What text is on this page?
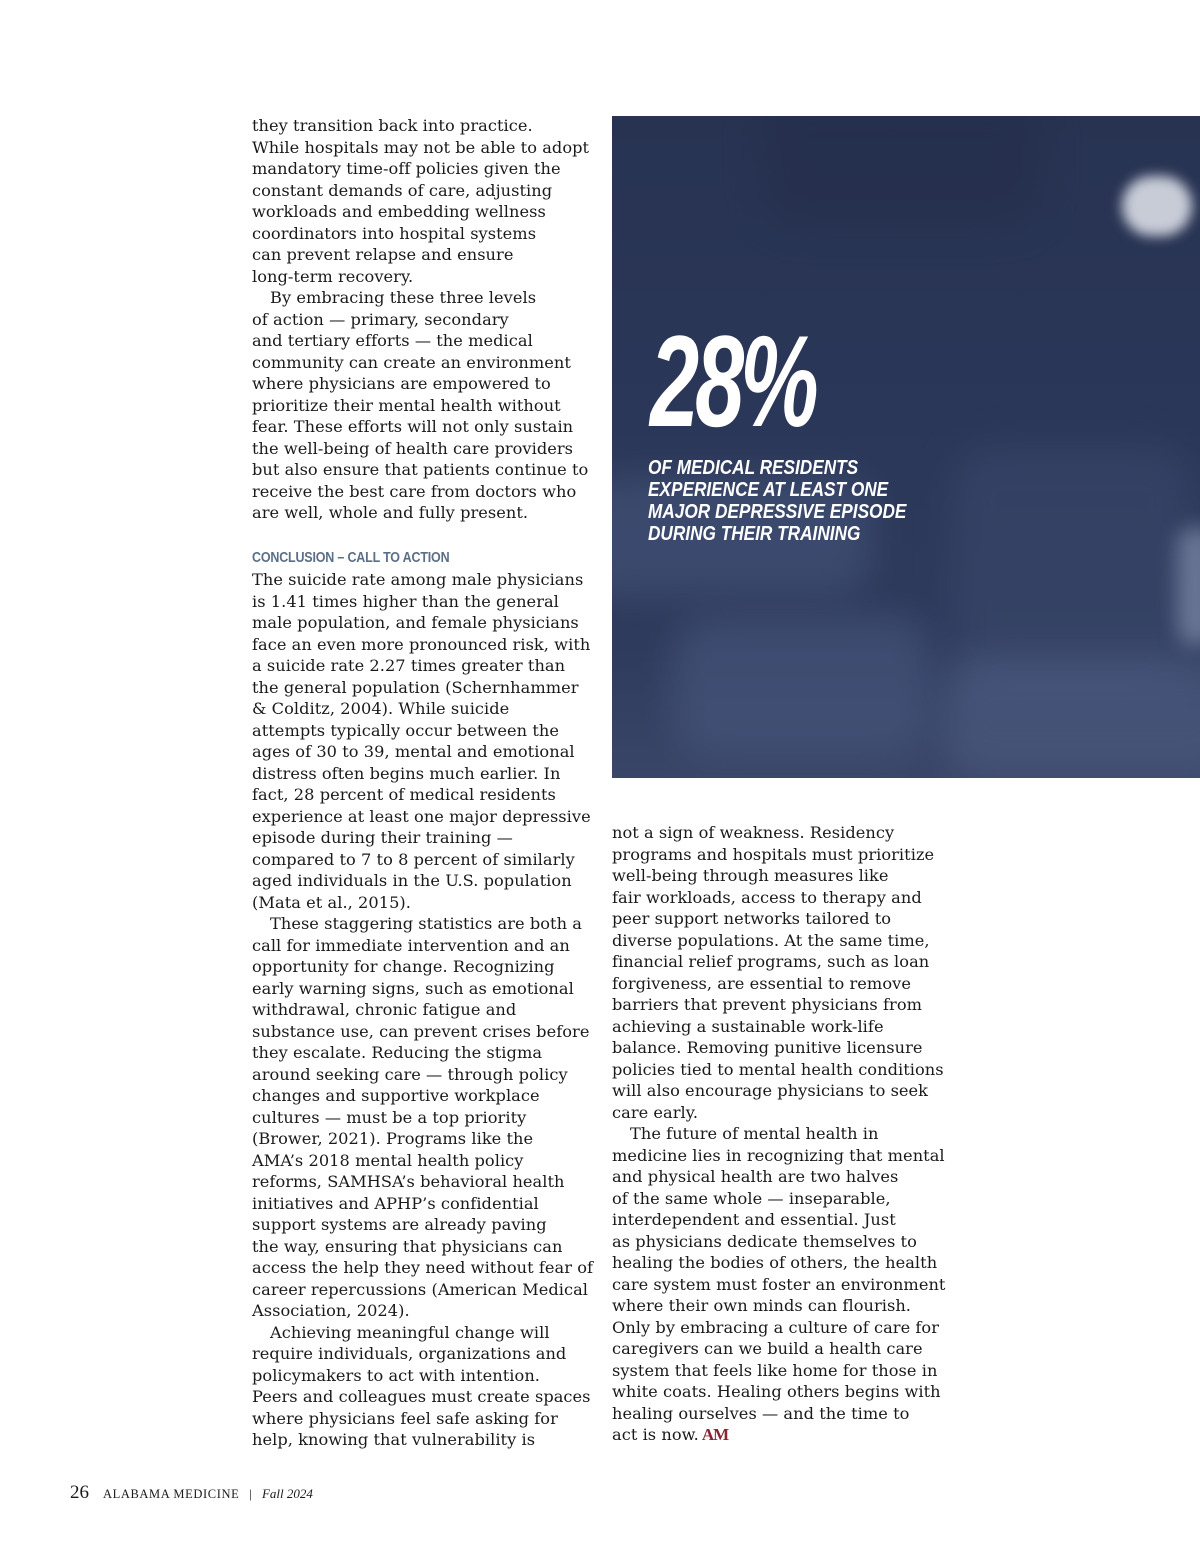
they transition back into practice.
While hospitals may not be able to adopt
mandatory time-off policies given the
constant demands of care, adjusting
workloads and embedding wellness
coordinators into hospital systems
can prevent relapse and ensure
long-term recovery.

By embracing these three levels
of action — primary, secondary
and tertiary efforts — the medical
community can create an environment
where physicians are empowered to
prioritize their mental health without
fear. These efforts will not only sustain
the well-being of health care providers
but also ensure that patients continue to
receive the best care from doctors who
are well, whole and fully present.

CONCLUSION – CALL TO ACTION

The suicide rate among male physicians
is 1.41 times higher than the general
male population, and female physicians
face an even more pronounced risk, with
a suicide rate 2.27 times greater than
the general population (Schernhammer
& Colditz, 2004). While suicide
attempts typically occur between the
ages of 30 to 39, mental and emotional
distress often begins much earlier. In
fact, 28 percent of medical residents
experience at least one major depressive
episode during their training —
compared to 7 to 8 percent of similarly
aged individuals in the U.S. population
(Mata et al., 2015).

These staggering statistics are both a
call for immediate intervention and an
opportunity for change. Recognizing
early warning signs, such as emotional
withdrawal, chronic fatigue and
substance use, can prevent crises before
they escalate. Reducing the stigma
around seeking care — through policy
changes and supportive workplace
cultures — must be a top priority
(Brower, 2021). Programs like the
AMA’s 2018 mental health policy
reforms, SAMHSA’s behavioral health
initiatives and APHP’s confidential
support systems are already paving
the way, ensuring that physicians can
access the help they need without fear of
career repercussions (American Medical
Association, 2024).

Achieving meaningful change will
require individuals, organizations and
policymakers to act with intention.
Peers and colleagues must create spaces
where physicians feel safe asking for
help, knowing that vulnerability is

28%
OF MEDICAL RESIDENTS
EXPERIENCE AT LEAST ONE
MAJOR DEPRESSIVE EPISODE
DURING THEIR TRAINING

not a sign of weakness. Residency
programs and hospitals must prioritize
well-being through measures like
fair workloads, access to therapy and
peer support networks tailored to
diverse populations. At the same time,
financial relief programs, such as loan
forgiveness, are essential to remove
barriers that prevent physicians from
achieving a sustainable work-life
balance. Removing punitive licensure
policies tied to mental health conditions
will also encourage physicians to seek
care early.

The future of mental health in
medicine lies in recognizing that mental
and physical health are two halves
of the same whole — inseparable,
interdependent and essential. Just
as physicians dedicate themselves to
healing the bodies of others, the health
care system must foster an environment
where their own minds can flourish.
Only by embracing a culture of care for
caregivers can we build a health care
system that feels like home for those in
white coats. Healing others begins with
healing ourselves — and the time to
act is now. AM

26 ALABAMA MEDICINE | Fall 2024
